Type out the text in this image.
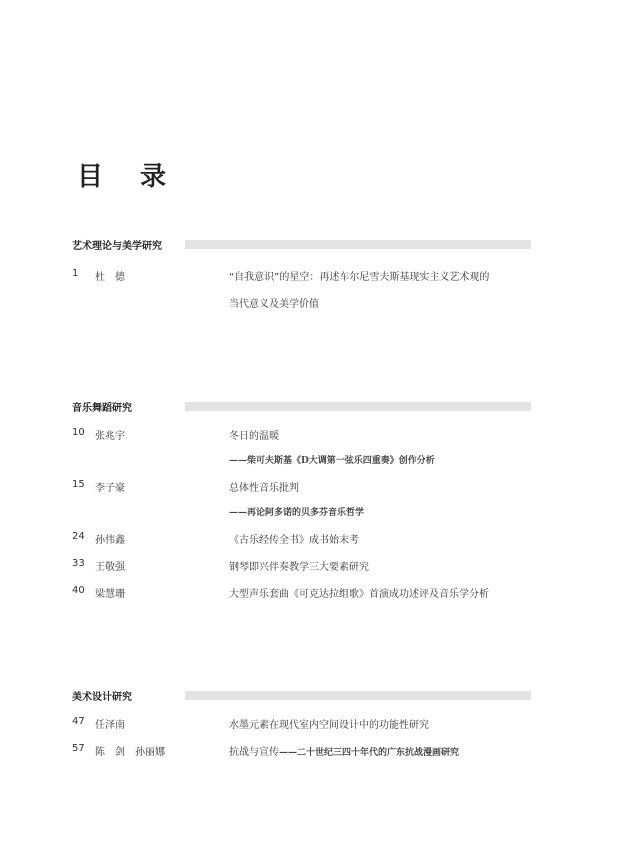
目 录
艺术理论与美学研究
1	杜　德	“自我意识”的星空：再述车尔尼雪夫斯基现实主义艺术观的
当代意义及美学价值
音乐舞蹈研究
10	张兆宇	冬日的温暖
——柴可夫斯基《D大调第一弦乐四重奏》创作分析
15	李子豪	总体性音乐批判
——再论阿多诺的贝多芬音乐哲学
24	孙伟鑫	《古乐经传全书》成书始末考
33	王敬强	钢琴即兴伴奏教学三大要素研究
40	梁慧珊	大型声乐套曲《可克达拉组歌》首演成功述评及音乐学分析
美术设计研究
47	任泽南	水墨元素在现代室内空间设计中的功能性研究
57	陈　剑　孙丽娜	抗战与宣传——二十世纪三四十年代的广东抗战漫画研究
